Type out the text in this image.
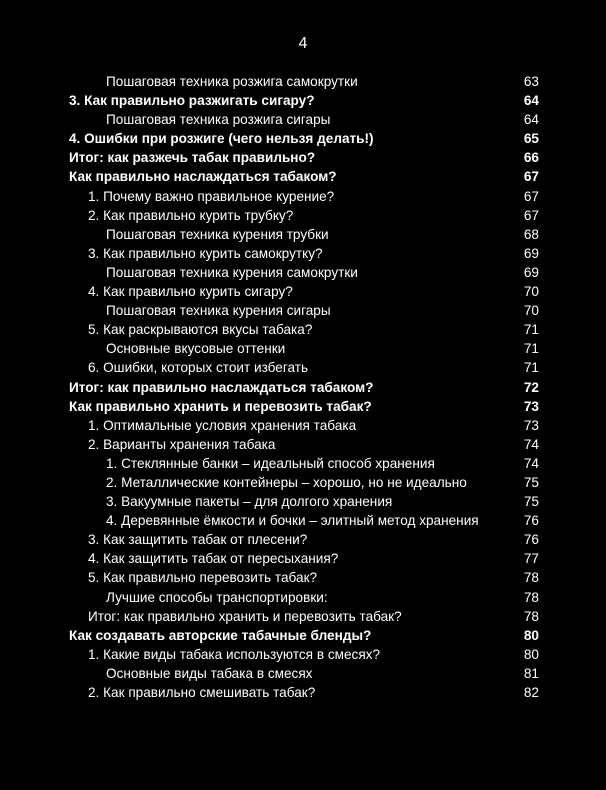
4
Пошаговая техника розжига самокрутки	63
3. Как правильно разжигать сигару?	64
Пошаговая техника розжига сигары	64
4. Ошибки при розжиге (чего нельзя делать!)	65
Итог: как разжечь табак правильно?	66
Как правильно наслаждаться табаком?	67
1. Почему важно правильное курение?	67
2. Как правильно курить трубку?	67
Пошаговая техника курения трубки	68
3. Как правильно курить самокрутку?	69
Пошаговая техника курения самокрутки	69
4. Как правильно курить сигару?	70
Пошаговая техника курения сигары	70
5. Как раскрываются вкусы табака?	71
Основные вкусовые оттенки	71
6. Ошибки, которых стоит избегать	71
Итог: как правильно наслаждаться табаком?	72
Как правильно хранить и перевозить табак?	73
1. Оптимальные условия хранения табака	73
2. Варианты хранения табака	74
1. Стеклянные банки – идеальный способ хранения	74
2. Металлические контейнеры – хорошо, но не идеально	75
3. Вакуумные пакеты – для долгого хранения	75
4. Деревянные ёмкости и бочки – элитный метод хранения	76
3. Как защитить табак от плесени?	76
4. Как защитить табак от пересыхания?	77
5. Как правильно перевозить табак?	78
Лучшие способы транспортировки:	78
Итог: как правильно хранить и перевозить табак?	78
Как создавать авторские табачные бленды?	80
1. Какие виды табака используются в смесях?	80
Основные виды табака в смесях	81
2. Как правильно смешивать табак?	82
